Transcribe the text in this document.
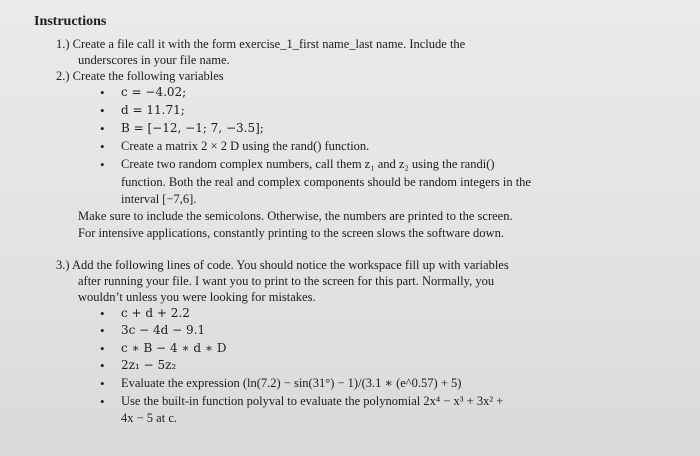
Instructions
1.) Create a file call it with the form exercise_1_first name_last name. Include the
underscores in your file name.
2.) Create the following variables
• c = −4.02;
• d = 11.71;
• B = [−12, −1; 7, −3.5];
• Create a matrix 2 × 2 D using the rand() function.
• Create two random complex numbers, call them z₁ and z₂ using the randi()
function. Both the real and complex components should be random integers in the
interval [−7,6].
Make sure to include the semicolons. Otherwise, the numbers are printed to the screen.
For intensive applications, constantly printing to the screen slows the software down.
3.) Add the following lines of code. You should notice the workspace fill up with variables
after running your file. I want you to print to the screen for this part. Normally, you
wouldn’t unless you were looking for mistakes.
• c + d + 2.2
• 3c − 4d − 9.1
• c ∗ B − 4 ∗ d ∗ D
• 2z₁ − 5z₂
• Evaluate the expression (ln(7.2) − sin(31°) − 1)/(3.1 ∗ (e^0.57) + 5)
• Use the built-in function polyval to evaluate the polynomial 2x⁴ − x³ + 3x² +
4x − 5 at c.
